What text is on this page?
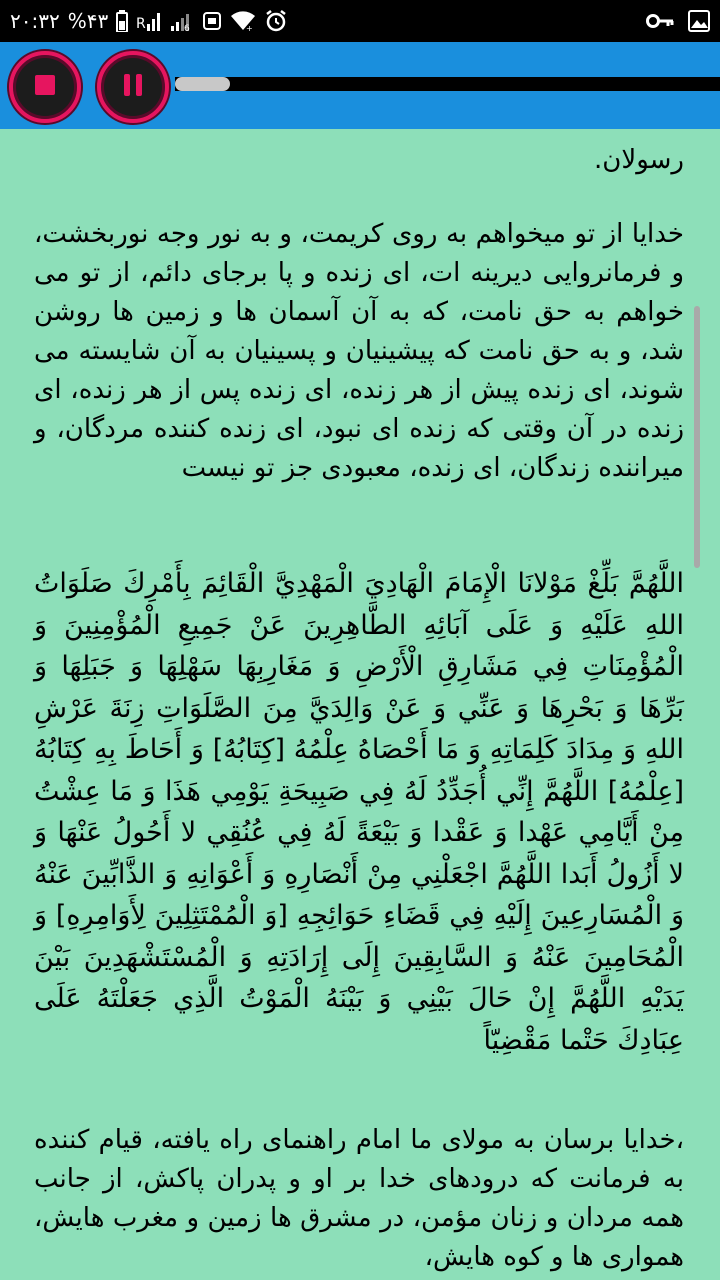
۲۰:۳۲ %۴۳ R	6	+
رسولان.
خدایا از تو میخواهم به روی کریمت، و به نور وجه نوربخشت، و فرمانروایی دیرینه ات، ای زنده و پا برجای دائم، از تو می خواهم به حق نامت، که به آن آسمان ها و زمین ها روشن شد، و به حق نامت که پیشینیان و پسینیان به آن شایسته می شوند، ای زنده پیش از هر زنده، ای زنده پس از هر زنده، ای زنده در آن وقتی که زنده ای نبود، ای زنده کننده مردگان، و میراننده زندگان، ای زنده، معبودی جز تو نیست
اللَّهُمَّ بَلِّغْ مَوْلانَا الْإِمَامَ الْهَادِيَ الْمَهْدِيَّ الْقَائِمَ بِأَمْرِكَ صَلَوَاتُ اللهِ عَلَيْهِ وَ عَلَى آبَائِهِ الطَّاهِرِينَ عَنْ جَمِيعِ الْمُؤْمِنِينَ وَ الْمُؤْمِنَاتِ فِي مَشَارِقِ الْأَرْضِ وَ مَغَارِبِهَا سَهْلِهَا وَ جَبَلِهَا وَ بَرِّهَا وَ بَحْرِهَا وَ عَنِّي وَ عَنْ وَالِدَيَّ مِنَ الصَّلَوَاتِ زِنَةَ عَرْشِ اللهِ وَ مِدَادَ كَلِمَاتِهِ وَ مَا أَحْصَاهُ عِلْمُهُ [كِتَابُهُ] وَ أَحَاطَ بِهِ كِتَابُهُ [عِلْمُهُ] اللَّهُمَّ إِنِّي أُجَدِّدُ لَهُ فِي صَبِيحَةِ يَوْمِي هَذَا وَ مَا عِشْتُ مِنْ أَيَّامِي عَهْدا وَ عَقْدا وَ بَيْعَةً لَهُ فِي عُنُقِي لا أَحُولُ عَنْهَا وَ لا أَزُولُ أَبَدا اللَّهُمَّ اجْعَلْنِي مِنْ أَنْصَارِهِ وَ أَعْوَانِهِ وَ الذَّابِّينَ عَنْهُ وَ الْمُسَارِعِينَ إِلَيْهِ فِي قَضَاءِ حَوَائِجِهِ [وَ الْمُمْتَثِلِينَ لِأَوَامِرِهِ] وَ الْمُحَامِينَ عَنْهُ وَ السَّابِقِينَ إِلَى إِرَادَتِهِ وَ الْمُسْتَشْهَدِينَ بَيْنَ يَدَيْهِ اللَّهُمَّ إِنْ حَالَ بَيْنِي وَ بَيْنَهُ الْمَوْتُ الَّذِي جَعَلْتَهُ عَلَى عِبَادِكَ حَتْما مَقْضِيّاً
،خدایا برسان به مولای ما امام راهنمای راه یافته، قیام کننده به فرمانت که درودهای خدا بر او و پدران پاکش، از جانب همه مردان و زنان مؤمن، در مشرق ها زمین و مغرب هایش، هموارى ها و کوه هایش،
